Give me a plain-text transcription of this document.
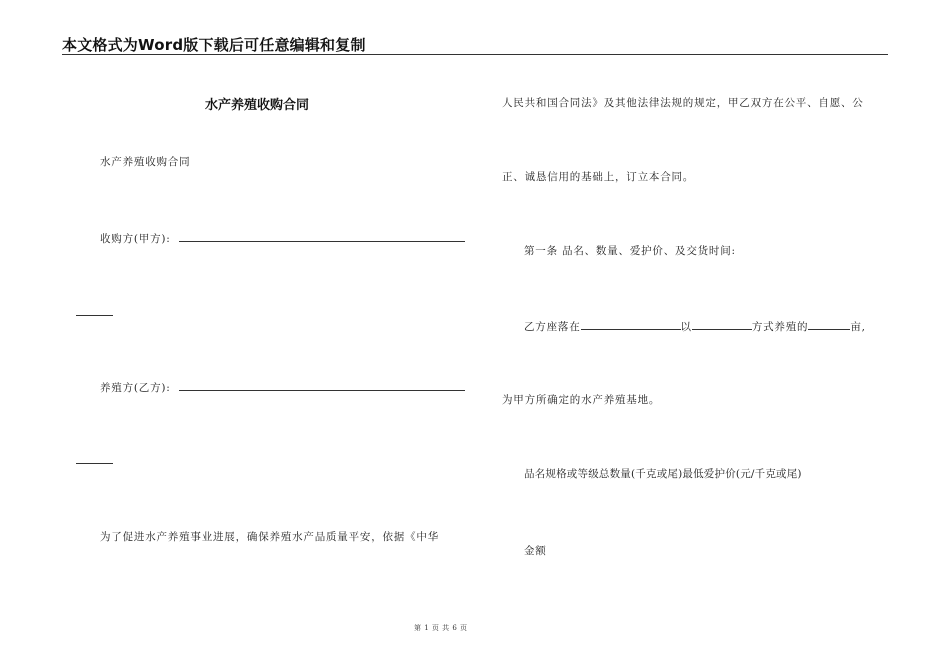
本文格式为Word版下载后可任意编辑和复制
水产养殖收购合同
水产养殖收购合同
收购方(甲方):
养殖方(乙方):
为了促进水产养殖事业进展，确保养殖水产品质量平安，依据《中华
人民共和国合同法》及其他法律法规的规定，甲乙双方在公平、自愿、公
正、诚恳信用的基础上，订立本合同。
第一条 品名、数量、爱护价、及交货时间:
乙方座落在	以	方式养殖的	亩,
为甲方所确定的水产养殖基地。
品名规格或等级总数量(千克或尾)最低爱护价(元/千克或尾)
金额
第 1 页 共 6 页
